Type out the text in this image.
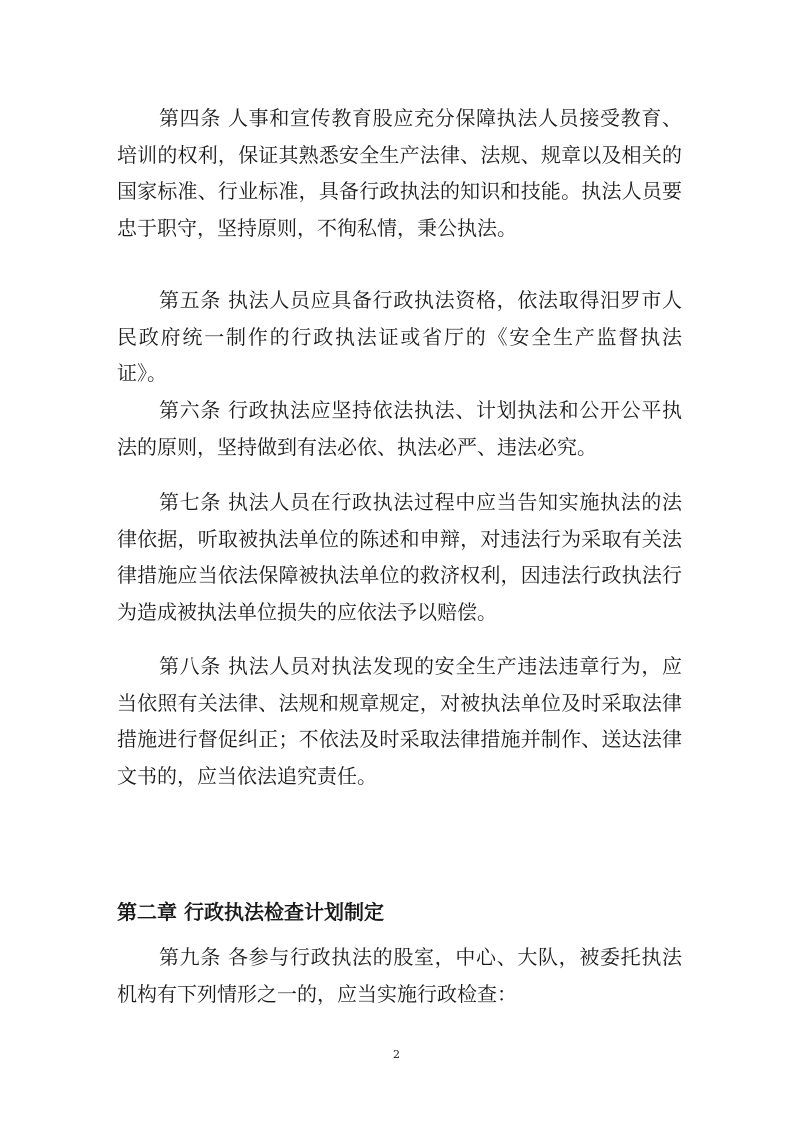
第四条 人事和宣传教育股应充分保障执法人员接受教育、培训的权利，保证其熟悉安全生产法律、法规、规章以及相关的国家标准、行业标准，具备行政执法的知识和技能。执法人员要忠于职守，坚持原则，不徇私情，秉公执法。

第五条 执法人员应具备行政执法资格，依法取得汨罗市人民政府统一制作的行政执法证或省厅的《安全生产监督执法证》。

第六条 行政执法应坚持依法执法、计划执法和公开公平执法的原则，坚持做到有法必依、执法必严、违法必究。

第七条 执法人员在行政执法过程中应当告知实施执法的法律依据，听取被执法单位的陈述和申辩，对违法行为采取有关法律措施应当依法保障被执法单位的救济权利，因违法行政执法行为造成被执法单位损失的应依法予以赔偿。

第八条 执法人员对执法发现的安全生产违法违章行为，应当依照有关法律、法规和规章规定，对被执法单位及时采取法律措施进行督促纠正；不依法及时采取法律措施并制作、送达法律文书的，应当依法追究责任。

第二章 行政执法检查计划制定

第九条 各参与行政执法的股室，中心、大队，被委托执法机构有下列情形之一的，应当实施行政检查：

2
